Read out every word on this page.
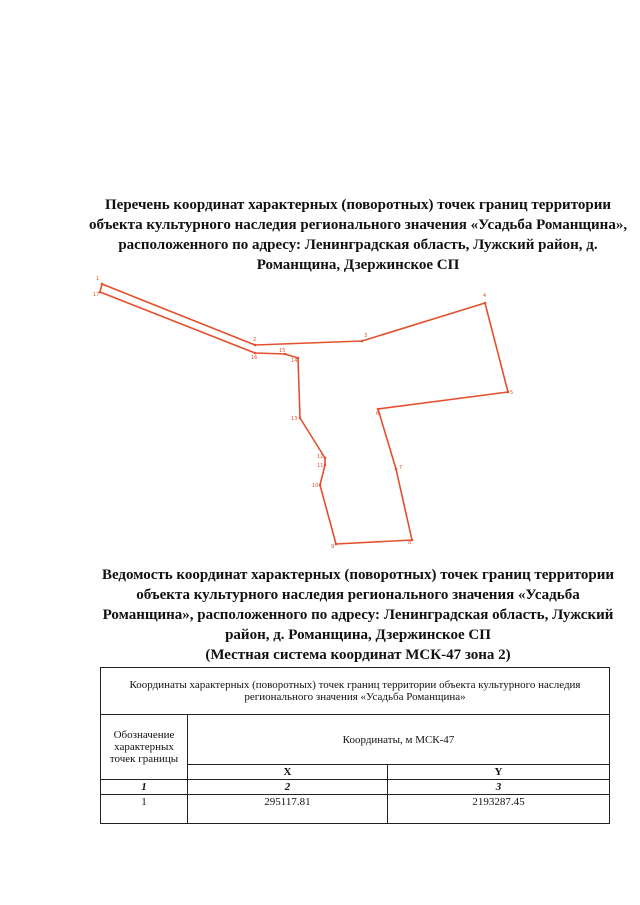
Перечень координат характерных (поворотных) точек границ территории объекта культурного наследия регионального значения «Усадьба Романщина», расположенного по адресу: Ленинградская область, Лужский район, д. Романщина, Дзержинское СП
1
2
3
4
5
6
7
8
9
10
11
12
13
14
15
16
17
Ведомость координат характерных (поворотных) точек границ территории
объекта культурного наследия регионального значения «Усадьба
Романщина», расположенного по адресу: Ленинградская область, Лужский
район, д. Романщина, Дзержинское СП
(Местная система координат МСК-47 зона 2)
Координаты характерных (поворотных) точек границ территории объекта культурного наследия регионального значения «Усадьба Романщина»		
Обозначение характерных точек границы	Координаты, м МСК-47	
	X	Y
1	2	3
1	295117.81	2193287.45
